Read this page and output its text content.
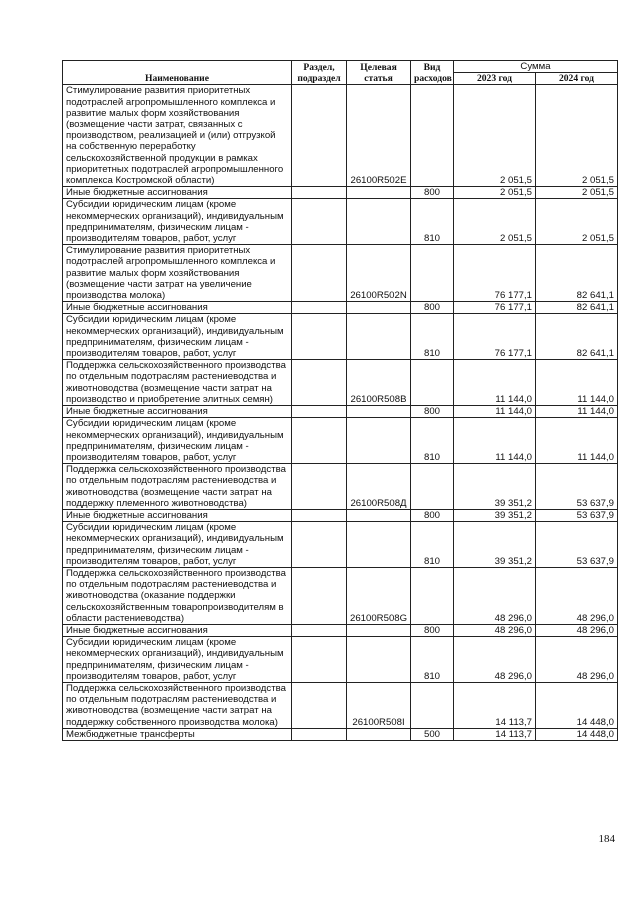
Наименование	Раздел, подраздел	Целевая статья	Вид расходов	Сумма	
				2023 год	2024 год
Стимулирование развития приоритетных подотраслей агропромышленного комплекса и развитие малых форм хозяйствования (возмещение части затрат, связанных с производством, реализацией и (или) отгрузкой на собственную переработку сельскохозяйственной продукции в рамках приоритетных подотраслей агропромышленного комплекса Костромской области)		26100R502E		2 051,5	2 051,5
Иные бюджетные ассигнования			800	2 051,5	2 051,5
Субсидии юридическим лицам (кроме некоммерческих организаций), индивидуальным предпринимателям, физическим лицам - производителям товаров, работ, услуг			810	2 051,5	2 051,5
Стимулирование развития приоритетных подотраслей агропромышленного комплекса и развитие малых форм хозяйствования (возмещение части затрат на увеличение производства молока)		26100R502N		76 177,1	82 641,1
Иные бюджетные ассигнования			800	76 177,1	82 641,1
Субсидии юридическим лицам (кроме некоммерческих организаций), индивидуальным предпринимателям, физическим лицам - производителям товаров, работ, услуг			810	76 177,1	82 641,1
Поддержка сельскохозяйственного производства по отдельным подотраслям растениеводства и животноводства (возмещение части затрат на производство и приобретение элитных семян)		26100R508B		11 144,0	11 144,0
Иные бюджетные ассигнования			800	11 144,0	11 144,0
Субсидии юридическим лицам (кроме некоммерческих организаций), индивидуальным предпринимателям, физическим лицам - производителям товаров, работ, услуг			810	11 144,0	11 144,0
Поддержка сельскохозяйственного производства по отдельным подотраслям растениеводства и животноводства (возмещение части затрат на поддержку племенного животноводства)		26100R508Д		39 351,2	53 637,9
Иные бюджетные ассигнования			800	39 351,2	53 637,9
Субсидии юридическим лицам (кроме некоммерческих организаций), индивидуальным предпринимателям, физическим лицам - производителям товаров, работ, услуг			810	39 351,2	53 637,9
Поддержка сельскохозяйственного производства по отдельным подотраслям растениеводства и животноводства (оказание поддержки сельскохозяйственным товаропроизводителям в области растениеводства)		26100R508G		48 296,0	48 296,0
Иные бюджетные ассигнования			800	48 296,0	48 296,0
Субсидии юридическим лицам (кроме некоммерческих организаций), индивидуальным предпринимателям, физическим лицам - производителям товаров, работ, услуг			810	48 296,0	48 296,0
Поддержка сельскохозяйственного производства по отдельным подотраслям растениеводства и животноводства (возмещение части затрат на поддержку собственного производства молока)		26100R508I		14 113,7	14 448,0
Межбюджетные трансферты			500	14 113,7	14 448,0
184
